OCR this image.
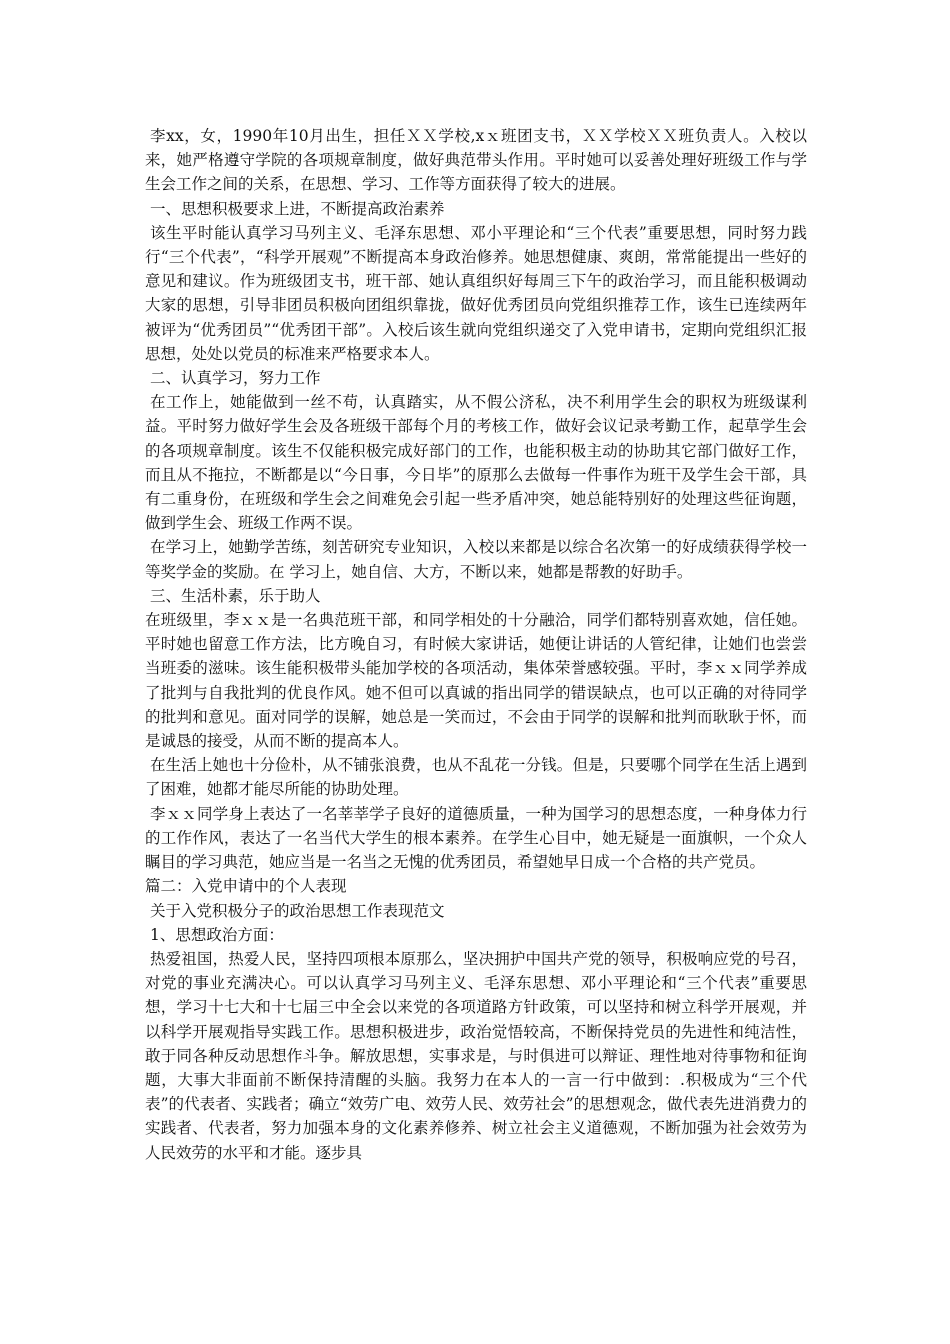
李xx，女，1990年10月出生，担任ＸＸ学校,xｘ班团支书，ＸＸ学校ＸＸ班负责人。入校以来，她严格遵守学院的各项规章制度，做好典范带头作用。平时她可以妥善处理好班级工作与学生会工作之间的关系，在思想、学习、工作等方面获得了较大的进展。

一、思想积极要求上进，不断提高政治素养

该生平时能认真学习马列主义、毛泽东思想、邓小平理论和“三个代表”重要思想，同时努力践行“三个代表”，“科学开展观”不断提高本身政治修养。她思想健康、爽朗，常常能提出一些好的意见和建议。作为班级团支书，班干部、她认真组织好每周三下午的政治学习，而且能积极调动大家的思想，引导非团员积极向团组织靠拢，做好优秀团员向党组织推荐工作，该生已连续两年被评为“优秀团员”“优秀团干部”。入校后该生就向党组织递交了入党申请书，定期向党组织汇报思想，处处以党员的标准来严格要求本人。

二、认真学习，努力工作

在工作上，她能做到一丝不苟，认真踏实，从不假公济私，决不利用学生会的职权为班级谋利益。平时努力做好学生会及各班级干部每个月的考核工作，做好会议记录考勤工作，起草学生会的各项规章制度。该生不仅能积极完成好部门的工作，也能积极主动的协助其它部门做好工作，而且从不拖拉，不断都是以“今日事，今日毕”的原那么去做每一件事作为班干及学生会干部，具有二重身份，在班级和学生会之间难免会引起一些矛盾冲突，她总能特别好的处理这些征询题，做到学生会、班级工作两不误。

在学习上，她勤学苦练，刻苦研究专业知识，入校以来都是以综合名次第一的好成绩获得学校一等奖学金的奖励。在 学习上，她自信、大方，不断以来，她都是帮教的好助手。

三、生活朴素，乐于助人

在班级里，李ｘｘ是一名典范班干部，和同学相处的十分融洽，同学们都特别喜欢她，信任她。平时她也留意工作方法，比方晚自习，有时候大家讲话，她便让讲话的人管纪律，让她们也尝尝当班委的滋味。该生能积极带头能加学校的各项活动，集体荣誉感较强。平时，李ｘｘ同学养成了批判与自我批判的优良作风。她不但可以真诚的指出同学的错误缺点，也可以正确的对待同学的批判和意见。面对同学的误解，她总是一笑而过，不会由于同学的误解和批判而耿耿于怀，而是诚恳的接受，从而不断的提高本人。

在生活上她也十分俭朴，从不铺张浪费，也从不乱花一分钱。但是，只要哪个同学在生活上遇到了困难，她都才能尽所能的协助处理。

李ｘｘ同学身上表达了一名莘莘学子良好的道德质量，一种为国学习的思想态度，一种身体力行的工作作风，表达了一名当代大学生的根本素养。在学生心目中，她无疑是一面旗帜，一个众人瞩目的学习典范，她应当是一名当之无愧的优秀团员，希望她早日成一个合格的共产党员。

篇二：入党申请中的个人表现

关于入党积极分子的政治思想工作表现范文

1、思想政治方面：

热爱祖国，热爱人民，坚持四项根本原那么，坚决拥护中国共产党的领导，积极响应党的号召，对党的事业充满决心。可以认真学习马列主义、毛泽东思想、邓小平理论和“三个代表”重要思想，学习十七大和十七届三中全会以来党的各项道路方针政策，可以坚持和树立科学开展观，并以科学开展观指导实践工作。思想积极进步，政治觉悟较高，不断保持党员的先进性和纯洁性，敢于同各种反动思想作斗争。解放思想，实事求是，与时俱进可以辩证、理性地对待事物和征询题，大事大非面前不断保持清醒的头脑。我努力在本人的一言一行中做到：.积极成为“三个代表”的代表者、实践者；确立“效劳广电、效劳人民、效劳社会”的思想观念，做代表先进消费力的实践者、代表者，努力加强本身的文化素养修养、树立社会主义道德观，不断加强为社会效劳为人民效劳的水平和才能。逐步具
